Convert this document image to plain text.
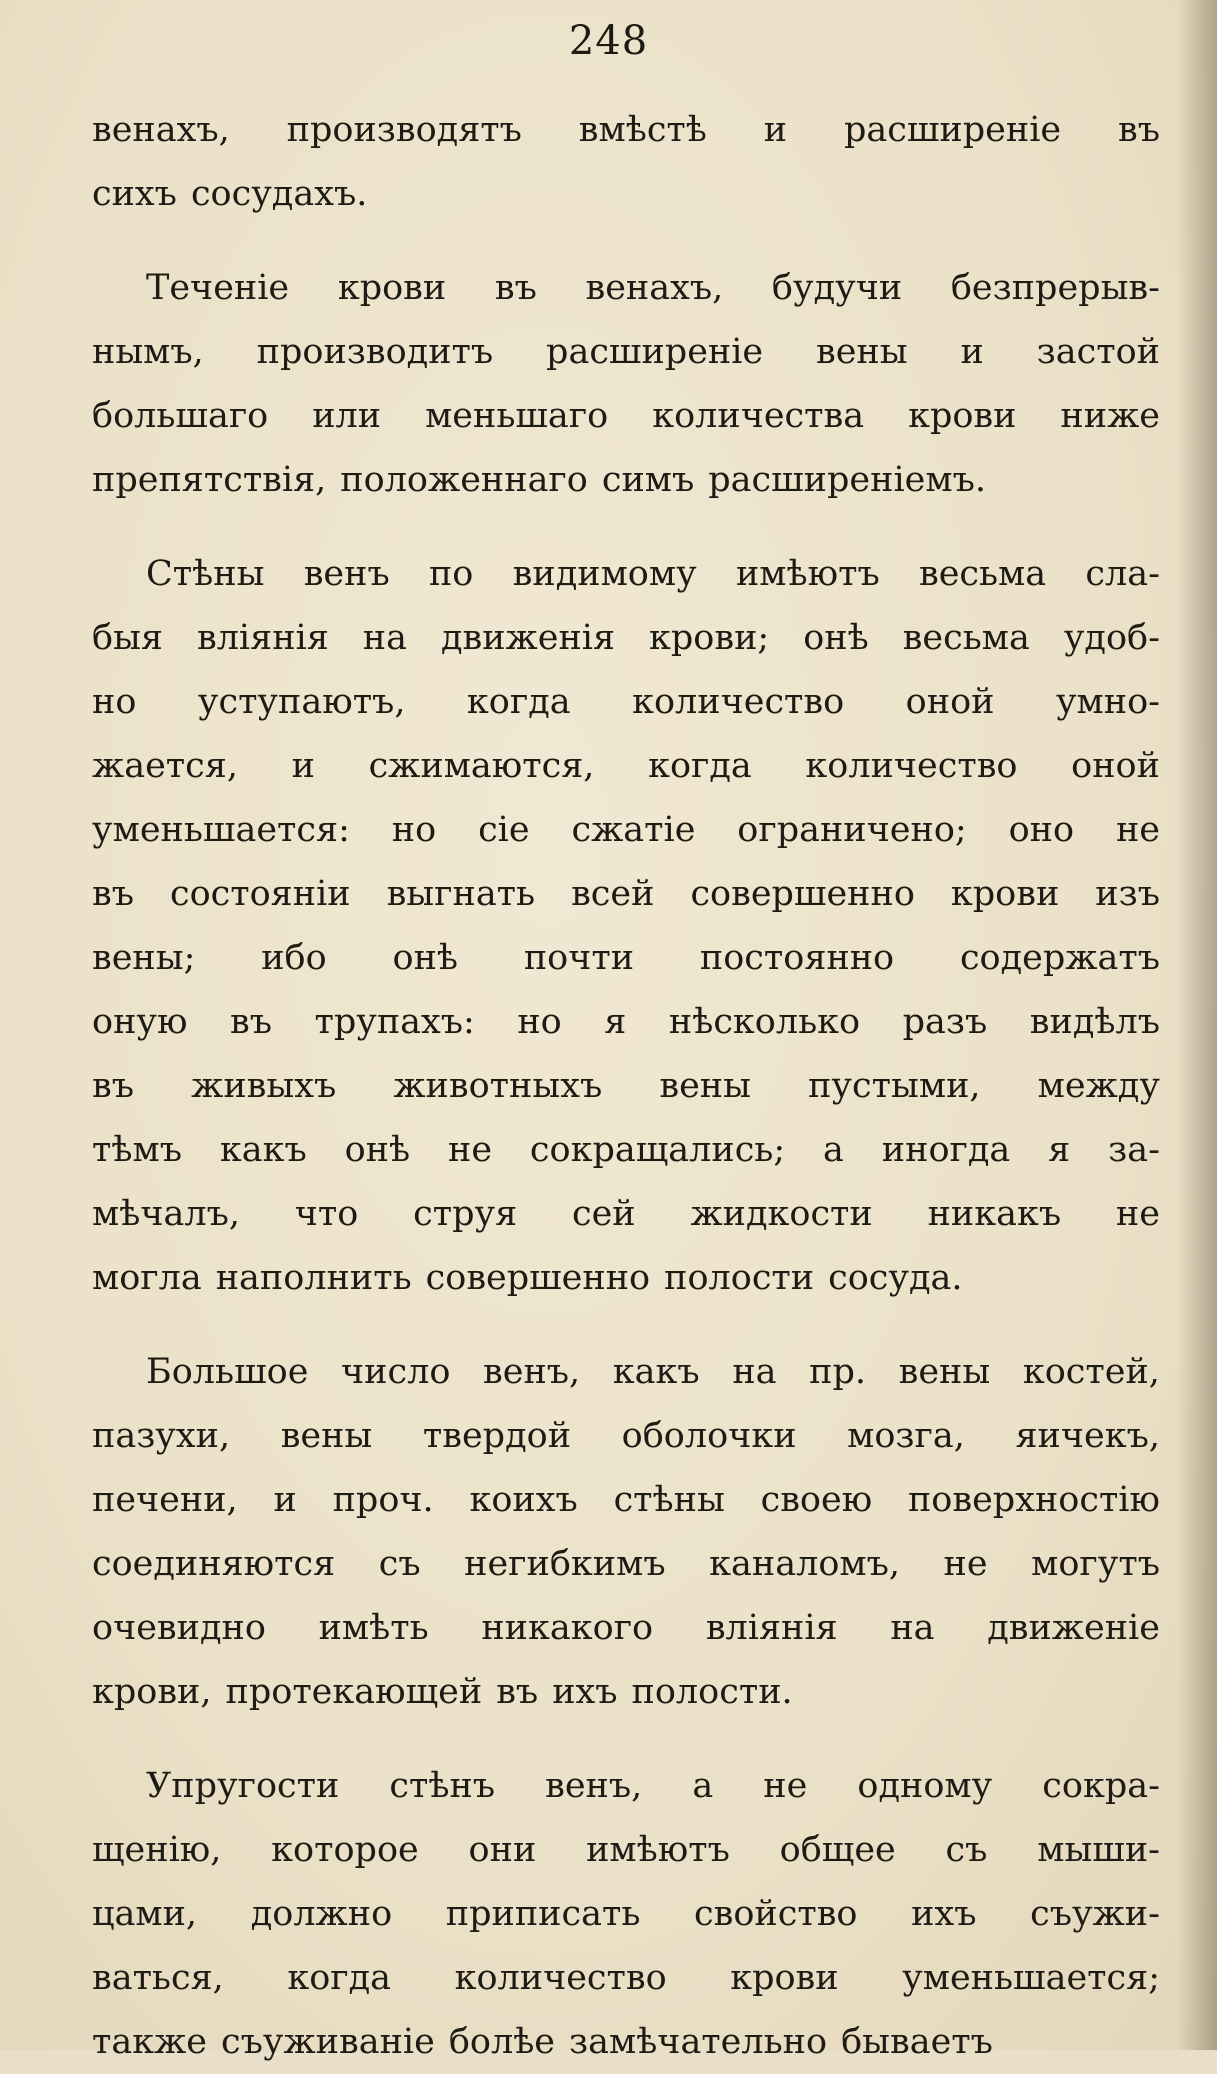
248
венахъ, производятъ вмѣстѣ и расширеніе въ
сихъ сосудахъ.
Теченіе крови въ венахъ, будучи безпрерыв-
нымъ, производитъ расширеніе вены и застой
большаго или меньшаго количества крови ниже
препятствія, положеннаго симъ расширеніемъ.
Стѣны венъ по видимому имѣютъ весьма сла-
быя вліянія на движенія крови; онѣ весьма удоб-
но уступаютъ, когда количество оной умно-
жается, и сжимаются, когда количество оной
уменьшается: но сіе сжатіе ограничено; оно не
въ состояніи выгнать всей совершенно крови изъ
вены; ибо онѣ почти постоянно содержатъ
оную въ трупахъ: но я нѣсколько разъ видѣлъ
въ живыхъ животныхъ вены пустыми, между
тѣмъ какъ онѣ не сокращались; а иногда я за-
мѣчалъ, что струя сей жидкости никакъ не
могла наполнить совершенно полости сосуда.
Большое число венъ, какъ на пр. вены костей,
пазухи, вены твердой оболочки мозга, яичекъ,
печени, и проч. коихъ стѣны своею поверхностію
соединяются съ негибкимъ каналомъ, не могутъ
очевидно имѣть никакого вліянія на движеніе
крови, протекающей въ ихъ полости.
Упругости стѣнъ венъ, а не одному сокра-
щенію, которое они имѣютъ общее съ мыши-
цами, должно приписать свойство ихъ съужи-
ваться, когда количество крови уменьшается;
также съуживаніе болѣе замѣчательно бываетъ
